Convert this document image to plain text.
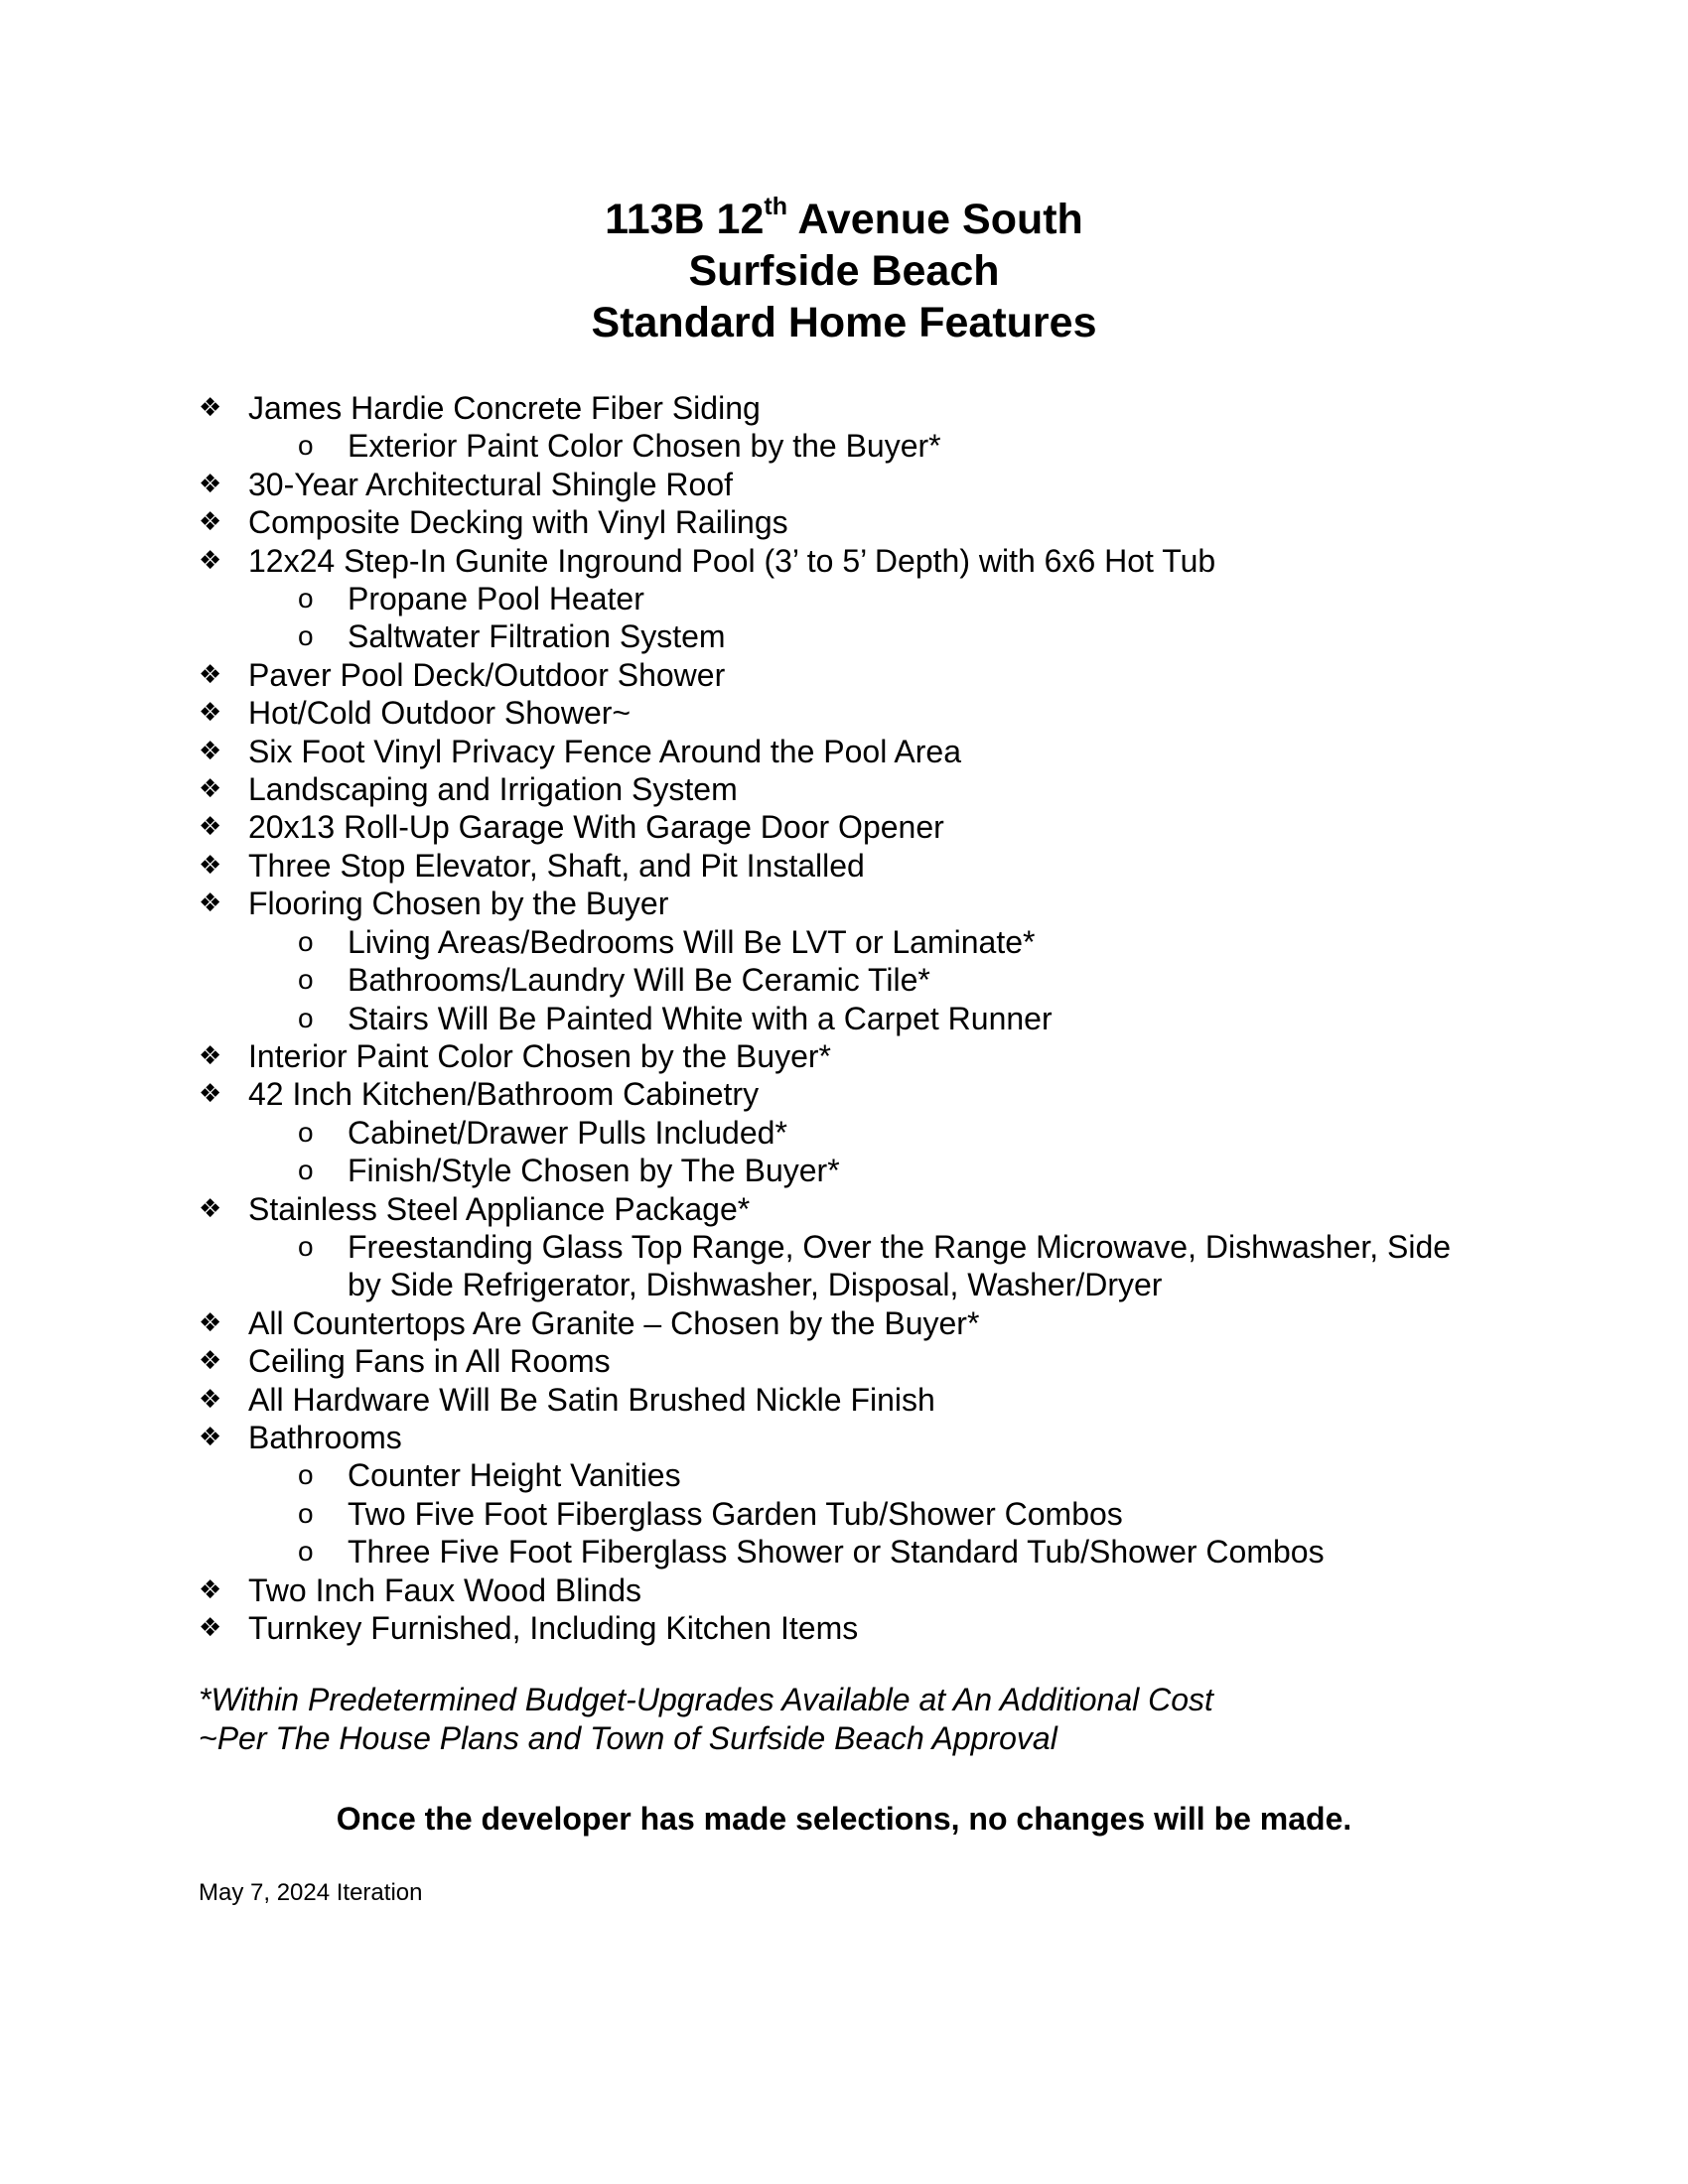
113B 12th Avenue South
Surfside Beach
Standard Home Features
❖ James Hardie Concrete Fiber Siding
o Exterior Paint Color Chosen by the Buyer*
❖ 30-Year Architectural Shingle Roof
❖ Composite Decking with Vinyl Railings
❖ 12x24 Step-In Gunite Inground Pool (3’ to 5’ Depth) with 6x6 Hot Tub
o Propane Pool Heater
o Saltwater Filtration System
❖ Paver Pool Deck/Outdoor Shower
❖ Hot/Cold Outdoor Shower~
❖ Six Foot Vinyl Privacy Fence Around the Pool Area
❖ Landscaping and Irrigation System
❖ 20x13 Roll-Up Garage With Garage Door Opener
❖ Three Stop Elevator, Shaft, and Pit Installed
❖ Flooring Chosen by the Buyer
o Living Areas/Bedrooms Will Be LVT or Laminate*
o Bathrooms/Laundry Will Be Ceramic Tile*
o Stairs Will Be Painted White with a Carpet Runner
❖ Interior Paint Color Chosen by the Buyer*
❖ 42 Inch Kitchen/Bathroom Cabinetry
o Cabinet/Drawer Pulls Included*
o Finish/Style Chosen by The Buyer*
❖ Stainless Steel Appliance Package*
o Freestanding Glass Top Range, Over the Range Microwave, Dishwasher, Side by Side Refrigerator, Dishwasher, Disposal, Washer/Dryer
❖ All Countertops Are Granite – Chosen by the Buyer*
❖ Ceiling Fans in All Rooms
❖ All Hardware Will Be Satin Brushed Nickle Finish
❖ Bathrooms
o Counter Height Vanities
o Two Five Foot Fiberglass Garden Tub/Shower Combos
o Three Five Foot Fiberglass Shower or Standard Tub/Shower Combos
❖ Two Inch Faux Wood Blinds
❖ Turnkey Furnished, Including Kitchen Items
*Within Predetermined Budget-Upgrades Available at An Additional Cost
~Per The House Plans and Town of Surfside Beach Approval
Once the developer has made selections, no changes will be made.
May 7, 2024 Iteration
